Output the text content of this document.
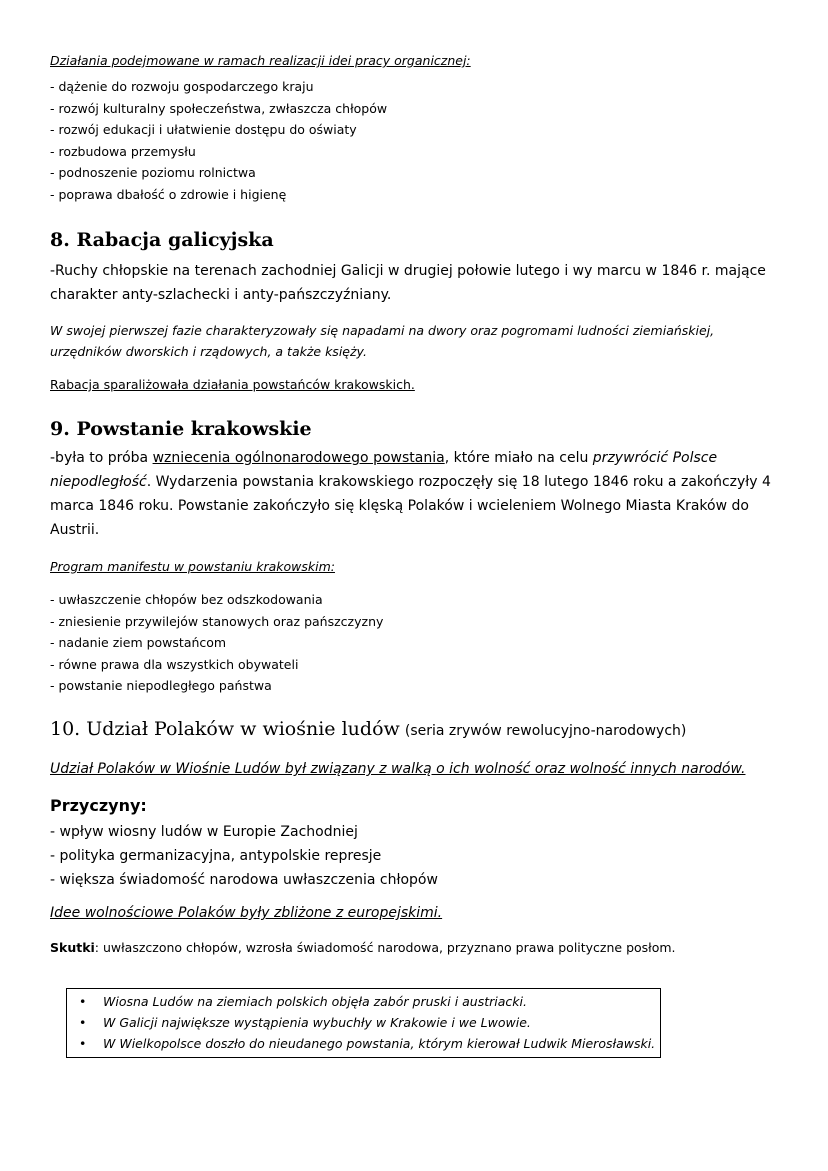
Działania podejmowane w ramach realizacji idei pracy organicznej:

- dążenie do rozwoju gospodarczego kraju
- rozwój kulturalny społeczeństwa, zwłaszcza chłopów
- rozwój edukacji i ułatwienie dostępu do oświaty
- rozbudowa przemysłu
- podnoszenie poziomu rolnictwa
- poprawa dbałość o zdrowie i higienę
8. Rabacja galicyjska

-Ruchy chłopskie na terenach zachodniej Galicji w drugiej połowie lutego i wy marcu w 1846 r. mające

charakter anty-szlachecki i anty-pańszczyźniany.

W swojej pierwszej fazie charakteryzowały się napadami na dwory oraz pogromami ludności ziemiańskiej,

urzędników dworskich i rządowych, a także księży.

Rabacja sparaliżowała działania powstańców krakowskich.

9. Powstanie krakowskie

-była to próba wzniecenia ogólnonarodowego powstania, które miało na celu przywrócić Polsce

niepodległość. Wydarzenia powstania krakowskiego rozpoczęły się 18 lutego 1846 roku a zakończyły 4

marca 1846 roku. Powstanie zakończyło się klęską Polaków i wcieleniem Wolnego Miasta Kraków do

Austrii.

Program manifestu w powstaniu krakowskim:

- uwłaszczenie chłopów bez odszkodowania
- zniesienie przywilejów stanowych oraz pańszczyzny
- nadanie ziem powstańcom
- równe prawa dla wszystkich obywateli
- powstanie niepodległego państwa

10. Udział Polaków w wiośnie ludów (seria zrywów rewolucyjno-narodowych)

Udział Polaków w Wiośnie Ludów był związany z walką o ich wolność oraz wolność innych narodów.

Przyczyny:

- wpływ wiosny ludów w Europie Zachodniej
- polityka germanizacyjna, antypolskie represje
- większa świadomość narodowa uwłaszczenia chłopów

Idee wolnościowe Polaków były zbliżone z europejskimi.

Skutki: uwłaszczono chłopów, wzrosła świadomość narodowa, przyznano prawa polityczne posłom.

• Wiosna Ludów na ziemiach polskich objęła zabór pruski i austriacki.
• W Galicji największe wystąpienia wybuchły w Krakowie i we Lwowie.
• W Wielkopolsce doszło do nieudanego powstania, którym kierował Ludwik Mierosławski.
